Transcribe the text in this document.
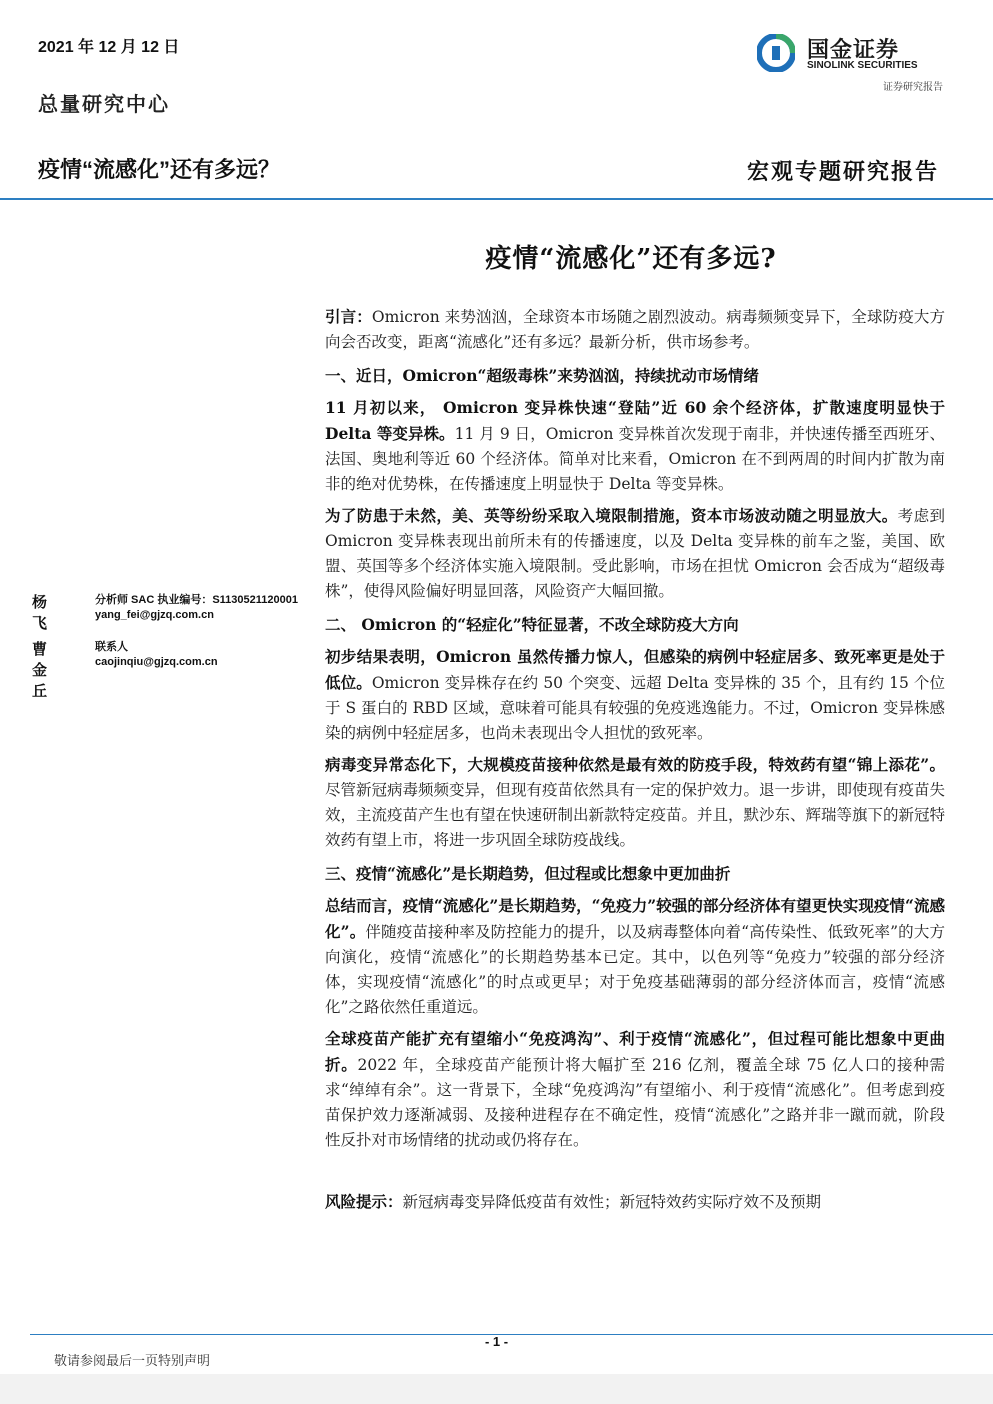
2021 年 12 月 12 日
总量研究中心
疫情“流感化”还有多远？	宏观专题研究报告
国金证券
SINOLINK SECURITIES
证券研究报告
疫情“流感化”还有多远?
杨飞
分析师 SAC 执业编号：S1130521120001
yang_fei@gjzq.com.cn
曹金丘
联系人
caojinqiu@gjzq.com.cn

引言：Omicron 来势汹汹，全球资本市场随之剧烈波动。病毒频频变异下，全球防疫大方向会否改变，距离“流感化”还有多远？最新分析，供市场参考。

一、近日，Omicron“超级毒株”来势汹汹，持续扰动市场情绪

11 月初以来， Omicron 变异株快速“登陆”近 60 余个经济体，扩散速度明显快于 Delta 等变异株。11 月 9 日，Omicron 变异株首次发现于南非，并快速传播至西班牙、法国、奥地利等近 60 个经济体。简单对比来看，Omicron 在不到两周的时间内扩散为南非的绝对优势株，在传播速度上明显快于 Delta 等变异株。

为了防患于未然，美、英等纷纷采取入境限制措施，资本市场波动随之明显放大。考虑到 Omicron 变异株表现出前所未有的传播速度，以及 Delta 变异株的前车之鉴，美国、欧盟、英国等多个经济体实施入境限制。受此影响，市场在担忧 Omicron 会否成为“超级毒株”，使得风险偏好明显回落，风险资产大幅回撤。

二、 Omicron 的“轻症化”特征显著，不改全球防疫大方向

初步结果表明，Omicron 虽然传播力惊人，但感染的病例中轻症居多、致死率更是处于低位。Omicron 变异株存在约 50 个突变、远超 Delta 变异株的 35 个，且有约 15 个位于 S 蛋白的 RBD 区域，意味着可能具有较强的免疫逃逸能力。不过，Omicron 变异株感染的病例中轻症居多，也尚未表现出令人担忧的致死率。

病毒变异常态化下，大规模疫苗接种依然是最有效的防疫手段，特效药有望“锦上添花”。尽管新冠病毒频频变异，但现有疫苗依然具有一定的保护效力。退一步讲，即使现有疫苗失效，主流疫苗产生也有望在快速研制出新款特定疫苗。并且，默沙东、辉瑞等旗下的新冠特效药有望上市，将进一步巩固全球防疫战线。

三、疫情“流感化”是长期趋势，但过程或比想象中更加曲折

总结而言，疫情“流感化”是长期趋势，“免疫力”较强的部分经济体有望更快实现疫情“流感化”。伴随疫苗接种率及防控能力的提升，以及病毒整体向着“高传染性、低致死率”的大方向演化，疫情“流感化”的长期趋势基本已定。其中，以色列等“免疫力”较强的部分经济体，实现疫情“流感化”的时点或更早；对于免疫基础薄弱的部分经济体而言，疫情“流感化”之路依然任重道远。

全球疫苗产能扩充有望缩小“免疫鸿沟”、利于疫情“流感化”，但过程可能比想象中更曲折。2022 年，全球疫苗产能预计将大幅扩至 216 亿剂，覆盖全球 75 亿人口的接种需求“绰绰有余”。这一背景下，全球“免疫鸿沟”有望缩小、利于疫情“流感化”。但考虑到疫苗保护效力逐渐减弱、及接种进程存在不确定性，疫情“流感化”之路并非一蹴而就，阶段性反扑对市场情绪的扰动或仍将存在。

风险提示：新冠病毒变异降低疫苗有效性；新冠特效药实际疗效不及预期

- 1 -
敬请参阅最后一页特别声明
